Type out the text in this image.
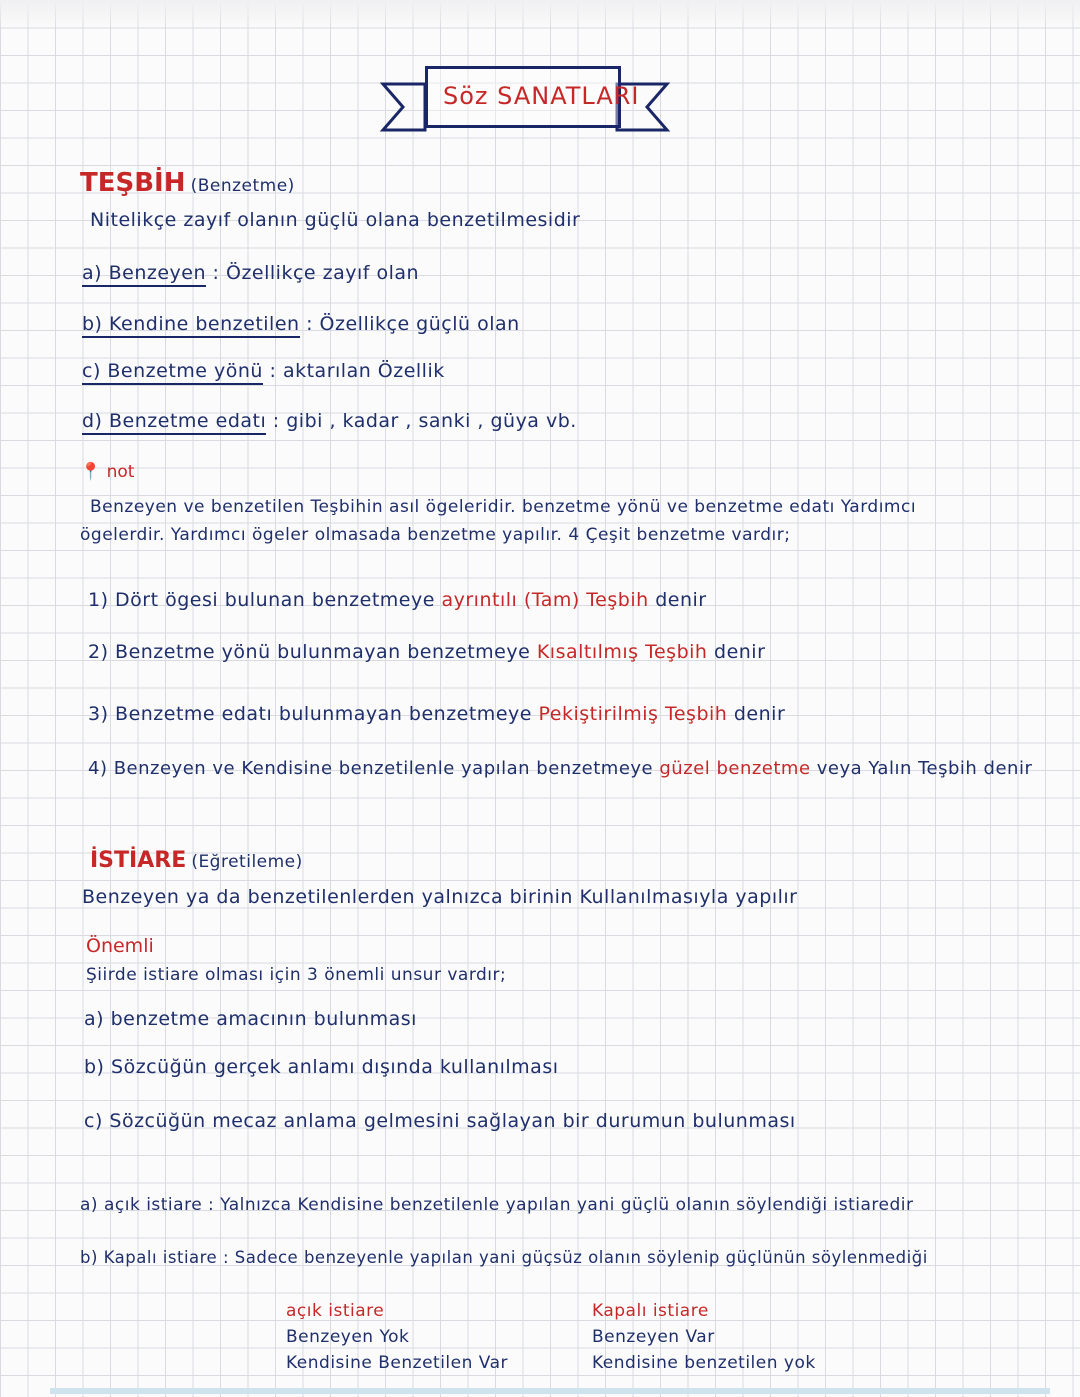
Söz SANATLARI
TEŞBİH (Benzetme)
Nitelikçe zayıf olanın güçlü olana benzetilmesidir
a) Benzeyen : Özellikçe zayıf olan
b) Kendine benzetilen : Özellikçe güçlü olan
c) Benzetme yönü : aktarılan Özellik
d) Benzetme edatı : gibi , kadar , sanki , güya vb.
📍 not
Benzeyen ve benzetilen Teşbihin asıl ögeleridir. benzetme yönü ve benzetme edatı Yardımcı
ögelerdir. Yardımcı ögeler olmasada benzetme yapılır. 4 Çeşit benzetme vardır;
1) Dört ögesi bulunan benzetmeye ayrıntılı (Tam) Teşbih denir
2) Benzetme yönü bulunmayan benzetmeye Kısaltılmış Teşbih denir
3) Benzetme edatı bulunmayan benzetmeye Pekiştirilmiş Teşbih denir
4) Benzeyen ve Kendisine benzetilenle yapılan benzetmeye güzel benzetme veya Yalın Teşbih denir
İSTİARE (Eğretileme)
Benzeyen ya da benzetilenlerden yalnızca birinin Kullanılmasıyla yapılır
Önemli
Şiirde istiare olması için 3 önemli unsur vardır;
a) benzetme amacının bulunması
b) Sözcüğün gerçek anlamı dışında kullanılması
c) Sözcüğün mecaz anlama gelmesini sağlayan bir durumun bulunması
a) açık istiare : Yalnızca Kendisine benzetilenle yapılan yani güçlü olanın söylendiği istiaredir
b) Kapalı istiare : Sadece benzeyenle yapılan yani güçsüz olanın söylenip güçlünün söylenmediği
açık istiare
Benzeyen Yok
Kendisine Benzetilen Var
Kapalı istiare
Benzeyen Var
Kendisine benzetilen yok
